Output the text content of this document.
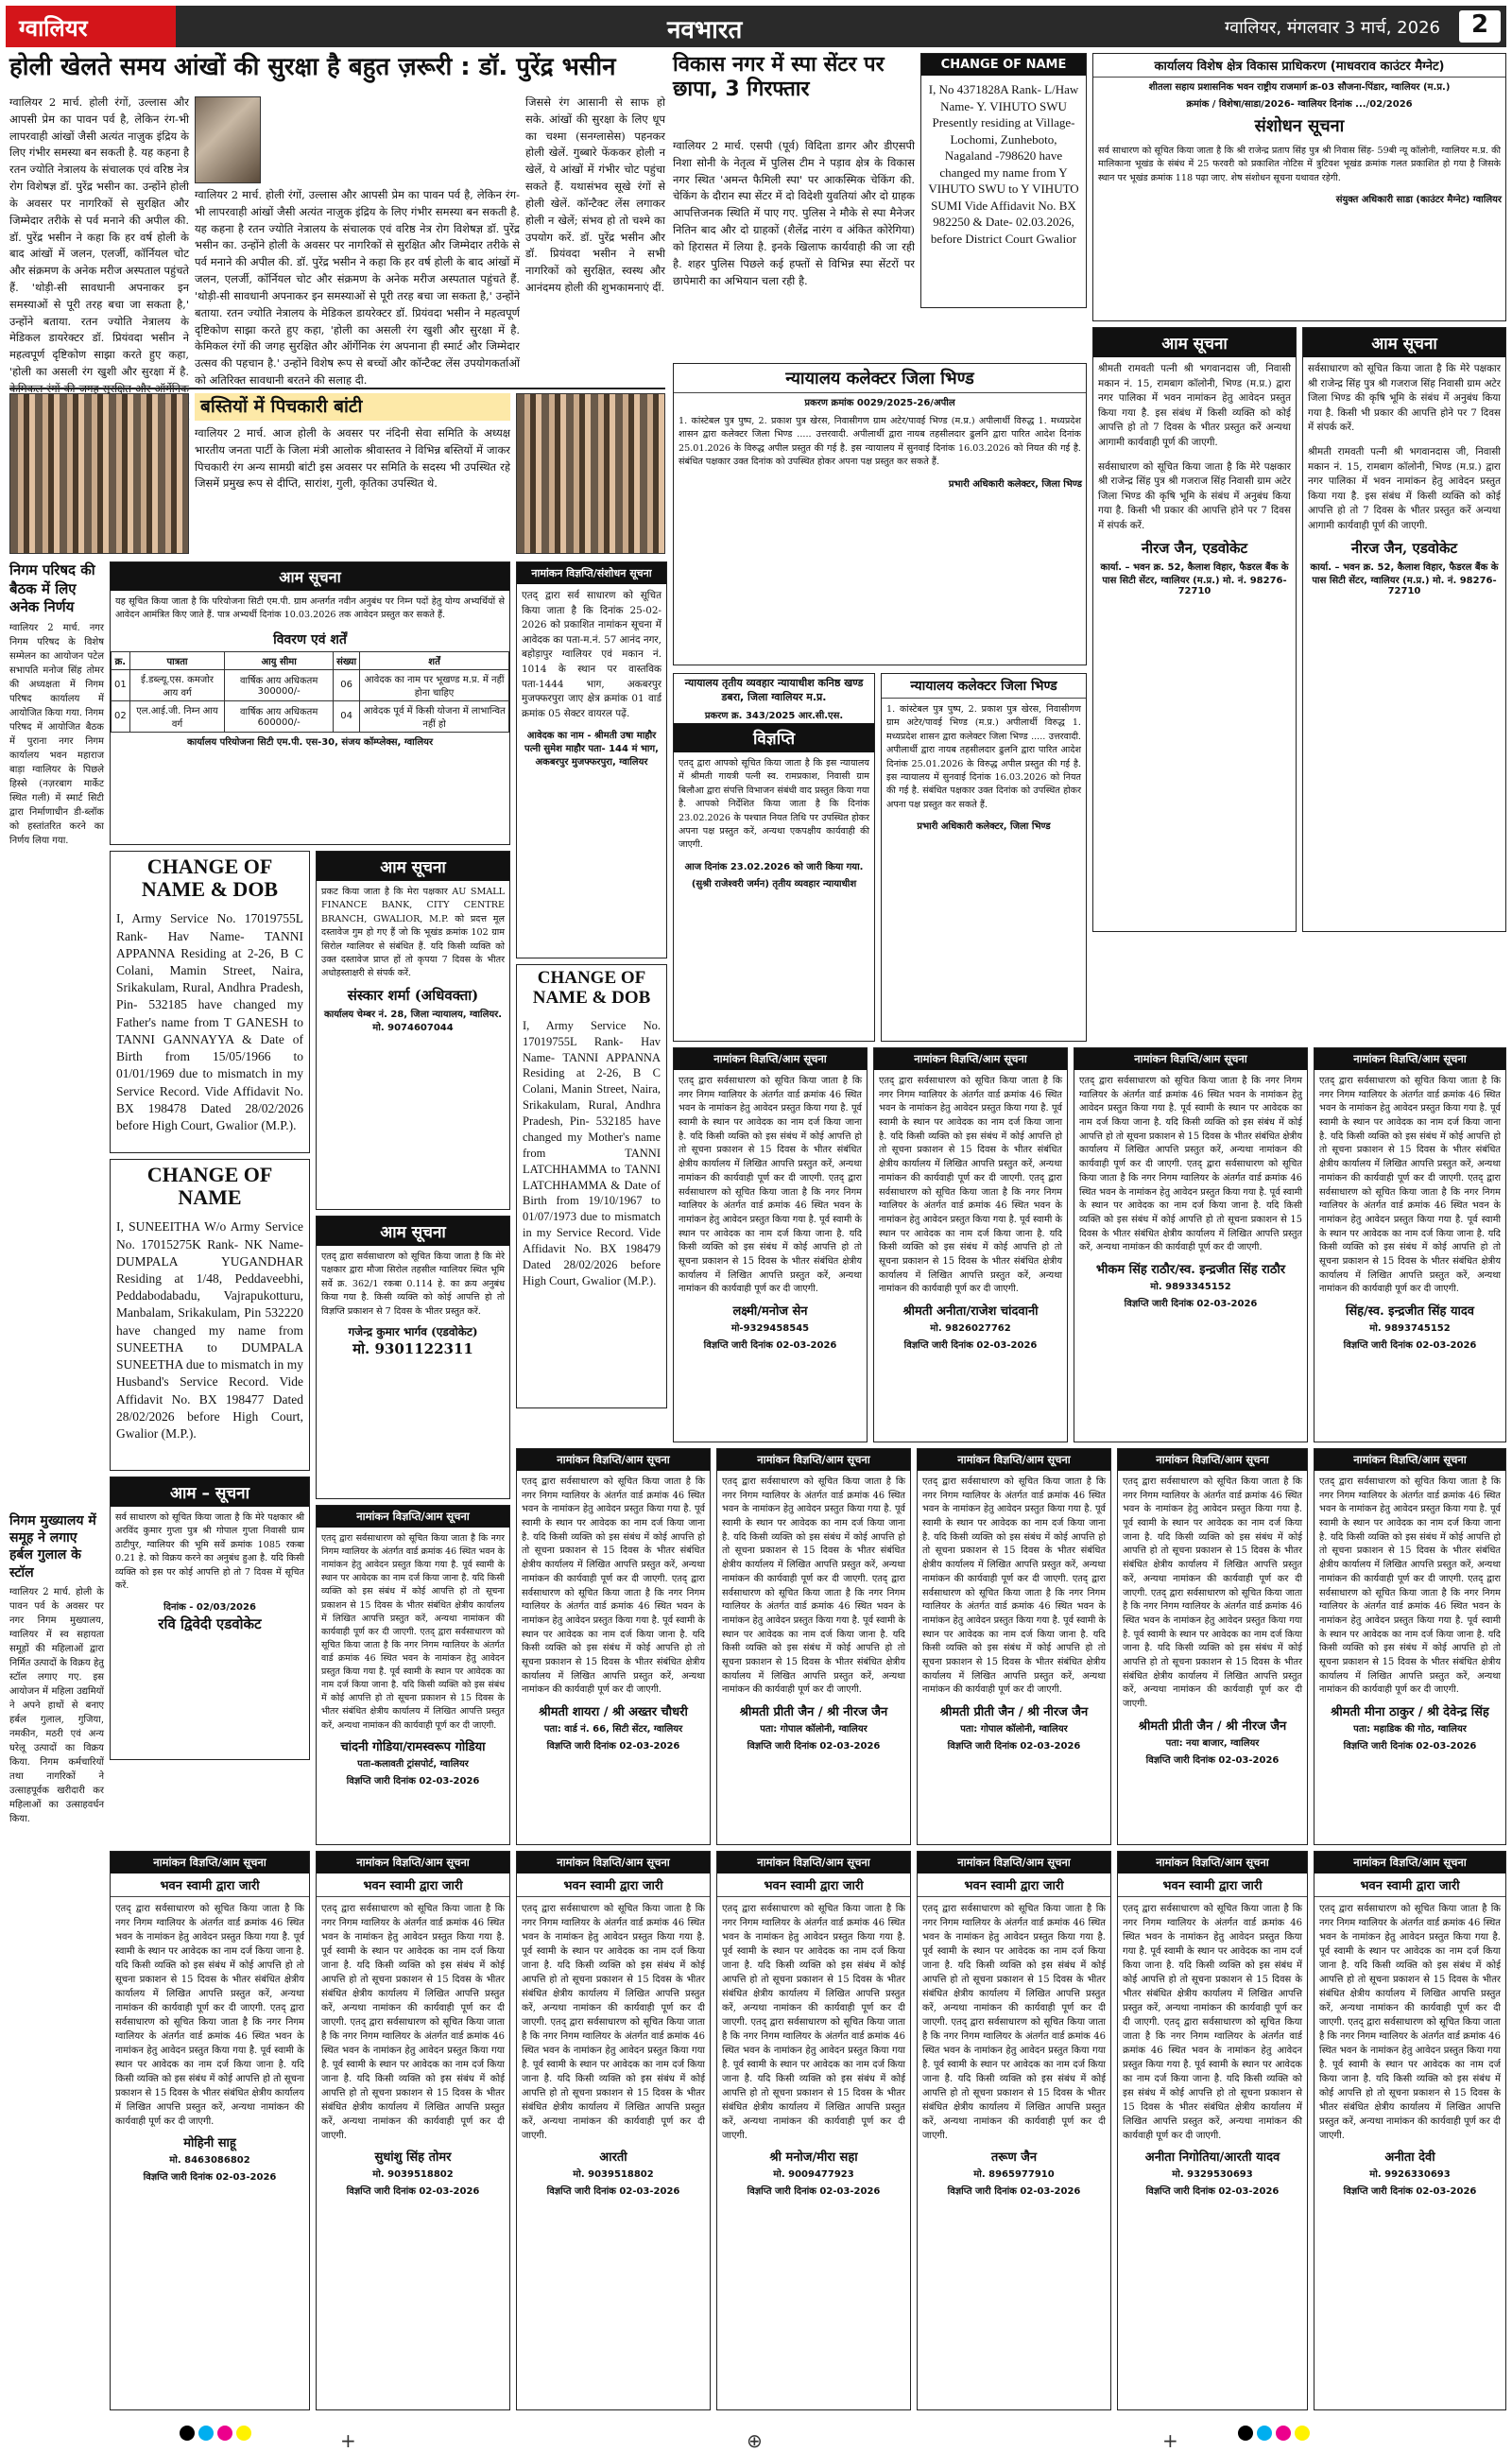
ग्वालियर	नवभारत	ग्वालियर, मंगलवार 3 मार्च, 2026	2
होली खेलते समय आंखों की सुरक्षा है बहुत ज़रूरी : डॉ. पुरेंद्र भसीन
ग्वालियर 2 मार्च. होली रंगों, उल्लास और आपसी प्रेम का पावन पर्व है, लेकिन रंग-भी लापरवाही आंखों जैसी अत्यंत नाज़ुक इंद्रिय के लिए गंभीर समस्या बन सकती है. यह कहना है रतन ज्योति नेत्रालय के संचालक एवं वरिष्ठ नेत्र रोग विशेषज्ञ डॉ. पुरेंद्र भसीन का. उन्होंने होली के अवसर पर नागरिकों से सुरक्षित और जिम्मेदार तरीके से पर्व मनाने की अपील की. डॉ. पुरेंद्र भसीन ने कहा कि हर वर्ष होली के बाद आंखों में जलन, एलर्जी, कॉर्नियल चोट और संक्रमण के अनेक मरीज अस्पताल पहुंचते हैं. 'थोड़ी-सी सावधानी अपनाकर इन समस्याओं से पूरी तरह बचा जा सकता है,' उन्होंने बताया. रतन ज्योति नेत्रालय के मेडिकल डायरेक्टर डॉ. प्रियंवदा भसीन ने महत्वपूर्ण दृष्टिकोण साझा करते हुए कहा, 'होली का असली रंग खुशी और सुरक्षा में है.
ग्वालियर 2 मार्च. होली रंगों, उल्लास और आपसी प्रेम का पावन पर्व है, लेकिन रंग-भी लापरवाही आंखों जैसी अत्यंत नाज़ुक इंद्रिय के लिए गंभीर समस्या बन सकती है. यह कहना है रतन ज्योति नेत्रालय के संचालक एवं वरिष्ठ नेत्र रोग विशेषज्ञ डॉ. पुरेंद्र भसीन का. उन्होंने होली के अवसर पर नागरिकों से सुरक्षित और जिम्मेदार तरीके से पर्व मनाने की अपील की. डॉ. पुरेंद्र भसीन ने कहा कि हर वर्ष होली के बाद आंखों में जलन, एलर्जी, कॉर्नियल चोट और संक्रमण के अनेक मरीज अस्पताल पहुंचते हैं. 'थोड़ी-सी सावधानी अपनाकर इन समस्याओं से पूरी तरह बचा जा सकता है,' उन्होंने बताया. रतन ज्योति नेत्रालय के मेडिकल डायरेक्टर डॉ. प्रियंवदा भसीन ने महत्वपूर्ण दृष्टिकोण साझा करते हुए कहा, 'होली का असली रंग खुशी और सुरक्षा में है. केमिकल रंगों की जगह सुरक्षित और ऑर्गेनिक रंग अपनाना ही स्मार्ट और जिम्मेदार उत्सव की पहचान है.' उन्होंने विशेष रूप से बच्चों और कॉन्टैक्ट लेंस उपयोगकर्ताओं को अतिरिक्त सावधानी बरतने की सलाह दी.
जिससे रंग आसानी से साफ हो सके. आंखों की सुरक्षा के लिए धूप का चश्मा (सनग्लासेस) पहनकर होली खेलें. गुब्बारे फेंककर होली न खेलें, ये आंखों में गंभीर चोट पहुंचा सकते हैं. यथासंभव सूखे रंगों से होली खेलें. कॉन्टैक्ट लेंस लगाकर होली न खेलें; संभव हो तो चश्मे का उपयोग करें. डॉ. पुरेंद्र भसीन और डॉ. प्रियंवदा भसीन ने सभी नागरिकों को सुरक्षित, स्वस्थ और आनंदमय होली की शुभकामनाएं दीं.
बस्तियों में पिचकारी बांटी
ग्वालियर 2 मार्च. आज होली के अवसर पर नंदिनी सेवा समिति के अध्यक्ष भारतीय जनता पार्टी के जिला मंत्री आलोक श्रीवास्तव ने विभिन्न बस्तियों में जाकर पिचकारी रंग अन्य सामग्री बांटी इस अवसर पर समिति के सदस्य भी उपस्थित रहे जिसमें प्रमुख रूप से दीप्ति, सारांश, गुली, कृतिका उपस्थित थे.
विकास नगर में स्पा सेंटर पर छापा, 3 गिरफ्तार
ग्वालियर 2 मार्च. एसपी (पूर्व) विदिता डागर और डीएसपी निशा सोनी के नेतृत्व में पुलिस टीम ने पड़ाव क्षेत्र के विकास नगर स्थित 'अमन्त फैमिली स्पा' पर आकस्मिक चेकिंग की. चेकिंग के दौरान स्पा सेंटर में दो विदेशी युवतियां और दो ग्राहक आपत्तिजनक स्थिति में पाए गए. पुलिस ने मौके से स्पा मैनेजर नितिन बाद और दो ग्राहकों (शैलेंद्र नारंग व अंकित कोरेगिया) को हिरासत में लिया है. इनके खिलाफ कार्यवाही की जा रही है. शहर पुलिस पिछले कई हफ्तों से विभिन्न स्पा सेंटरों पर छापेमारी का अभियान चला रही है.
CHANGE OF NAME
I, No 4371828A Rank- L/Haw Name- Y. VIHUTO SWU Presently residing at Village- Lochomi, Zunheboto, Nagaland -798620 have changed my name from Y VIHUTO SWU to Y VIHUTO SUMI Vide Affidavit No. BX 982250 & Date- 02.03.2026, before District Court Gwalior
कार्यालय विशेष क्षेत्र विकास प्राधिकरण (माधवराव काउंटर मैग्नेट)
शीतला सहाय प्रशासनिक भवन राष्ट्रीय राजमार्ग क्र-03 सौजना-पिंडार, ग्वालियर (म.प्र.)
क्रमांक / विशेषा/साडा/2026- ग्वालियर दिनांक .../02/2026
संशोधन सूचना
सर्व साधारण को सूचित किया जाता है कि श्री राजेन्द्र प्रताप सिंह पुत्र श्री निवास सिंह- 59बी न्यू कॉलोनी, ग्वालियर म.प्र. की मालिकाना भूखंड के संबंध में 25 फरवरी को प्रकाशित नोटिस में त्रुटिवश भूखंड क्रमांक गलत प्रकाशित हो गया है जिसके स्थान पर भूखंड क्रमांक 118 पढ़ा जाए. शेष संशोधन सूचना यथावत रहेगी.
संयुक्त अधिकारी साडा (काउंटर मैग्नेट) ग्वालियर
न्यायालय कलेक्टर जिला भिण्ड
प्रकरण क्रमांक 0029/2025-26/अपील
1. कांस्टेबल पुत्र पुष्प, 2. प्रकाश पुत्र खेरस, निवासीगण ग्राम अटेर/पावई भिण्ड (म.प्र.) अपीलार्थी विरुद्ध 1. मध्यप्रदेश शासन द्वारा कलेक्टर जिला भिण्ड ..... उत्तरवादी. अपीलार्थी द्वारा नायब तहसीलदार ढुलनि द्वारा पारित आदेश दिनांक 25.01.2026 के विरुद्ध अपील प्रस्तुत की गई है. इस न्यायालय में सुनवाई दिनांक 16.03.2026 को नियत की गई है. संबंधित पक्षकार उक्त दिनांक को उपस्थित होकर अपना पक्ष प्रस्तुत कर सकते हैं.
प्रभारी अधिकारी कलेक्टर, जिला भिण्ड
आम सूचना
श्रीमती रामवती पत्नी श्री भगवानदास जी, निवासी मकान नं. 15, रामबाग कॉलोनी, भिण्ड (म.प्र.) द्वारा नगर पालिका में भवन नामांकन हेतु आवेदन प्रस्तुत किया गया है. इस संबंध में किसी व्यक्ति को कोई आपत्ति हो तो 7 दिवस के भीतर प्रस्तुत करें अन्यथा आगामी कार्यवाही पूर्ण की जाएगी.
सर्वसाधारण को सूचित किया जाता है कि मेरे पक्षकार श्री राजेन्द्र सिंह पुत्र श्री गजराज सिंह निवासी ग्राम अटेर जिला भिण्ड की कृषि भूमि के संबंध में अनुबंध किया गया है. किसी भी प्रकार की आपत्ति होने पर 7 दिवस में संपर्क करें.
नीरज जैन, एडवोकेट
कार्या. – भवन क्र. 52, कैलाश विहार, फैडरल बैंक के पास सिटी सेंटर, ग्वालियर (म.प्र.) मो. नं. 98276-72710
आम सूचना
सर्वसाधारण को सूचित किया जाता है कि मेरे पक्षकार श्री राजेन्द्र सिंह पुत्र श्री गजराज सिंह निवासी ग्राम अटेर जिला भिण्ड की कृषि भूमि के संबंध में अनुबंध किया गया है. किसी भी प्रकार की आपत्ति होने पर 7 दिवस में संपर्क करें.
श्रीमती रामवती पत्नी श्री भगवानदास जी, निवासी मकान नं. 15, रामबाग कॉलोनी, भिण्ड (म.प्र.) द्वारा नगर पालिका में भवन नामांकन हेतु आवेदन प्रस्तुत किया गया है. इस संबंध में किसी व्यक्ति को कोई आपत्ति हो तो 7 दिवस के भीतर प्रस्तुत करें अन्यथा आगामी कार्यवाही पूर्ण की जाएगी.
नीरज जैन, एडवोकेट
कार्या. – भवन क्र. 52, कैलाश विहार, फैडरल बैंक के पास सिटी सेंटर, ग्वालियर (म.प्र.) मो. नं. 98276-72710
न्यायालय तृतीय व्यवहार न्यायाधीश कनिष्ठ खण्ड डबरा, जिला ग्वालियर म.प्र.
प्रकरण क्र. 343/2025 आर.सी.एस.
विज्ञप्ति
एतद् द्वारा आपको सूचित किया जाता है कि इस न्यायालय में श्रीमती गायत्री पत्नी स्व. रामप्रकाश, निवासी ग्राम बिलौआ द्वारा संपत्ति विभाजन संबंधी वाद प्रस्तुत किया गया है. आपको निर्देशित किया जाता है कि दिनांक 23.02.2026 के पश्चात नियत तिथि पर उपस्थित होकर अपना पक्ष प्रस्तुत करें, अन्यथा एकपक्षीय कार्यवाही की जाएगी.
आज दिनांक 23.02.2026 को जारी किया गया.
(सुश्री राजेश्वरी जर्मन) तृतीय व्यवहार न्यायाधीश
न्यायालय कलेक्टर जिला भिण्ड
1. कांस्टेबल पुत्र पुष्प, 2. प्रकाश पुत्र खेरस, निवासीगण ग्राम अटेर/पावई भिण्ड (म.प्र.) अपीलार्थी विरुद्ध 1. मध्यप्रदेश शासन द्वारा कलेक्टर जिला भिण्ड ..... उत्तरवादी. अपीलार्थी द्वारा नायब तहसीलदार ढुलनि द्वारा पारित आदेश दिनांक 25.01.2026 के विरुद्ध अपील प्रस्तुत की गई है. इस न्यायालय में सुनवाई दिनांक 16.03.2026 को नियत की गई है. संबंधित पक्षकार उक्त दिनांक को उपस्थित होकर अपना पक्ष प्रस्तुत कर सकते हैं.
प्रभारी अधिकारी कलेक्टर, जिला भिण्ड
नामांकन विज्ञप्ति/संशोधन सूचना
एतद् द्वारा सर्व साधारण को सूचित किया जाता है कि दिनांक 25-02-2026 को प्रकाशित नामांकन सूचना में आवेदक का पता-म.नं. 57 आनंद नगर, बहोड़ापुर ग्वालियर एवं मकान नं. 1014 के स्थान पर वास्तविक पता-1444 भाग, अकबरपुर मुजफ्फरपुरा जाए क्षेत्र क्रमांक 01 वार्ड क्रमांक 05 सेक्टर वायरल पढ़ें.
आवेदक का नाम - श्रीमती उषा माहौर पत्नी सुमेश माहौर पता- 144 मं भाग, अकबरपुर मुजफ्फरपुरा, ग्वालियर
निगम परिषद की बैठक में लिए अनेक निर्णय
ग्वालियर 2 मार्च. नगर निगम परिषद के विशेष सम्मेलन का आयोजन पटेल सभापति मनोज सिंह तोमर की अध्यक्षता में निगम परिषद कार्यालय में आयोजित किया गया. निगम परिषद में आयोजित बैठक में पुराना नगर निगम कार्यालय भवन महाराज बाड़ा ग्वालियर के पिछले हिस्से (नज़रबाग मार्केट स्थित गली) में स्मार्ट सिटी द्वारा निर्माणाधीन डी-ब्लॉक को हस्तांतरित करने का निर्णय लिया गया.
आम सूचना
यह सूचित किया जाता है कि परियोजना सिटी एम.पी. ग्राम अन्तर्गत नवीन अनुबंध पर निम्न पदों हेतु योग्य अभ्यर्थियों से आवेदन आमंत्रित किए जाते हैं. पात्र अभ्यर्थी दिनांक 10.03.2026 तक आवेदन प्रस्तुत कर सकते हैं.
विवरण एवं शर्तें
क्र.	पात्रता	आयु सीमा	संख्या	शर्तें
01	ई.डब्ल्यू.एस. कमजोर आय वर्ग	वार्षिक आय अधिकतम 300000/-	06	आवेदक का नाम पर भूखण्ड म.प्र. में नहीं होना चाहिए
02	एल.आई.जी. निम्न आय वर्ग	वार्षिक आय अधिकतम 600000/-	04	आवेदक पूर्व में किसी योजना में लाभान्वित नहीं हो
कार्यालय परियोजना सिटी एम.पी. एस-30, संजय कॉम्प्लेक्स, ग्वालियर
CHANGE OF NAME & DOB
I, Army Service No. 17019755L Rank- Hav Name- TANNI APPANNA Residing at 2-26, B C Colani, Mamin Street, Naira, Srikakulam, Rural, Andhra Pradesh, Pin- 532185 have changed my Father's name from T GANESH to TANNI GANNAYYA & Date of Birth from 15/05/1966 to 01/01/1969 due to mismatch in my Service Record. Vide Affidavit No. BX 198478 Dated 28/02/2026 before High Court, Gwalior (M.P.).
CHANGE OF NAME
I, SUNEEITHA W/o Army Service No. 17015275K Rank- NK Name- DUMPALA YUGANDHAR Residing at 1/48, Peddaveebhi, Peddabodabadu, Vajrapukotturu, Manbalam, Srikakulam, Pin 532220 have changed my name from SUNEETHA to DUMPALA SUNEETHA due to mismatch in my Husband's Service Record. Vide Affidavit No. BX 198477 Dated 28/02/2026 before High Court, Gwalior (M.P.).
CHANGE OF NAME & DOB
I, Army Service No. 17019755L Rank- Hav Name- TANNI APPANNA Residing at 2-26, B C Colani, Manin Street, Naira, Srikakulam, Rural, Andhra Pradesh, Pin- 532185 have changed my Mother's name from TANNI LATCHHAMMA to TANNI LATCHHAMMA & Date of Birth from 19/10/1967 to 01/07/1973 due to mismatch in my Service Record. Vide Affidavit No. BX 198479 Dated 28/02/2026 before High Court, Gwalior (M.P.).
आम सूचना
प्रकट किया जाता है कि मेरा पक्षकार AU SMALL FINANCE BANK, CITY CENTRE BRANCH, GWALIOR, M.P. को प्रदत्त मूल दस्तावेज गुम हो गए हैं जो कि भूखंड क्रमांक 102 ग्राम सिरोल ग्वालियर से संबंधित हैं. यदि किसी व्यक्ति को उक्त दस्तावेज प्राप्त हों तो कृपया 7 दिवस के भीतर अधोहस्ताक्षरी से संपर्क करें.
संस्कार शर्मा (अधिवक्ता)
कार्यालय चेम्बर नं. 28, जिला न्यायालय, ग्वालियर. मो. 9074607044
आम सूचना
एतद् द्वारा सर्वसाधारण को सूचित किया जाता है कि मेरे पक्षकार द्वारा मौजा सिरोल तहसील ग्वालियर स्थित भूमि सर्वे क्र. 362/1 रकबा 0.114 हे. का क्रय अनुबंध किया गया है. किसी व्यक्ति को कोई आपत्ति हो तो विज्ञप्ति प्रकाशन से 7 दिवस के भीतर प्रस्तुत करें.
गजेन्द्र कुमार भार्गव (एडवोकेट)
मो. 9301122311
आम – सूचना
सर्व साधारण को सूचित किया जाता है कि मेरे पक्षकार श्री अरविंद कुमार गुप्ता पुत्र श्री गोपाल गुप्ता निवासी ग्राम ठाटीपुर, ग्वालियर की भूमि सर्वे क्रमांक 1085 रकबा 0.21 हे. को विक्रय करने का अनुबंध हुआ है. यदि किसी व्यक्ति को इस पर कोई आपत्ति हो तो 7 दिवस में सूचित करें.
दिनांक - 02/03/2026
रवि द्विवेदी एडवोकेट
निगम मुख्यालय में समूह ने लगाए हर्बल गुलाल के स्टॉल
ग्वालियर 2 मार्च. होली के पावन पर्व के अवसर पर नगर निगम मुख्यालय, ग्वालियर में स्व सहायता समूहों की महिलाओं द्वारा निर्मित उत्पादों के विक्रय हेतु स्टॉल लगाए गए. इस आयोजन में महिला उद्यमियों ने अपने हाथों से बनाए हर्बल गुलाल, गुजिया, नमकीन, मठरी एवं अन्य घरेलू उत्पादों का विक्रय किया. निगम कर्मचारियों तथा नागरिकों ने उत्साहपूर्वक खरीदारी कर महिलाओं का उत्साहवर्धन किया.
नामांकन विज्ञप्ति/आम सूचना
एतद् द्वारा सर्वसाधारण को सूचित किया जाता है कि नगर निगम ग्वालियर के अंतर्गत वार्ड क्रमांक 46 स्थित भवन के नामांकन हेतु आवेदन प्रस्तुत किया गया है. पूर्व स्वामी के स्थान पर आवेदक का नाम दर्ज किया जाना है. यदि किसी व्यक्ति को इस संबंध में कोई आपत्ति हो तो सूचना प्रकाशन से 15 दिवस के भीतर संबंधित क्षेत्रीय कार्यालय में लिखित आपत्ति प्रस्तुत करें, अन्यथा नामांकन की कार्यवाही पूर्ण कर दी जाएगी. एतद् द्वारा सर्वसाधारण को सूचित किया जाता है कि नगर निगम ग्वालियर के अंतर्गत वार्ड क्रमांक 46 स्थित भवन के नामांकन हेतु आवेदन प्रस्तुत किया गया है. पूर्व स्वामी के स्थान पर आवेदक का नाम दर्ज किया जाना है. यदि किसी व्यक्ति को इस संबंध में कोई आपत्ति हो तो सूचना प्रकाशन से 15 दिवस के भीतर संबंधित क्षेत्रीय कार्यालय में लिखित आपत्ति प्रस्तुत करें, अन्यथा नामांकन की कार्यवाही पूर्ण कर दी जाएगी.
लक्ष्मी/मनोज सेन
मो-9329458545
विज्ञप्ति जारी दिनांक 02-03-2026
नामांकन विज्ञप्ति/आम सूचना
एतद् द्वारा सर्वसाधारण को सूचित किया जाता है कि नगर निगम ग्वालियर के अंतर्गत वार्ड क्रमांक 46 स्थित भवन के नामांकन हेतु आवेदन प्रस्तुत किया गया है. पूर्व स्वामी के स्थान पर आवेदक का नाम दर्ज किया जाना है. यदि किसी व्यक्ति को इस संबंध में कोई आपत्ति हो तो सूचना प्रकाशन से 15 दिवस के भीतर संबंधित क्षेत्रीय कार्यालय में लिखित आपत्ति प्रस्तुत करें, अन्यथा नामांकन की कार्यवाही पूर्ण कर दी जाएगी. एतद् द्वारा सर्वसाधारण को सूचित किया जाता है कि नगर निगम ग्वालियर के अंतर्गत वार्ड क्रमांक 46 स्थित भवन के नामांकन हेतु आवेदन प्रस्तुत किया गया है. पूर्व स्वामी के स्थान पर आवेदक का नाम दर्ज किया जाना है. यदि किसी व्यक्ति को इस संबंध में कोई आपत्ति हो तो सूचना प्रकाशन से 15 दिवस के भीतर संबंधित क्षेत्रीय कार्यालय में लिखित आपत्ति प्रस्तुत करें, अन्यथा नामांकन की कार्यवाही पूर्ण कर दी जाएगी.
श्रीमती अनीता/राजेश चांदवानी
मो. 9826027762
विज्ञप्ति जारी दिनांक 02-03-2026
नामांकन विज्ञप्ति/आम सूचना
एतद् द्वारा सर्वसाधारण को सूचित किया जाता है कि नगर निगम ग्वालियर के अंतर्गत वार्ड क्रमांक 46 स्थित भवन के नामांकन हेतु आवेदन प्रस्तुत किया गया है. पूर्व स्वामी के स्थान पर आवेदक का नाम दर्ज किया जाना है. यदि किसी व्यक्ति को इस संबंध में कोई आपत्ति हो तो सूचना प्रकाशन से 15 दिवस के भीतर संबंधित क्षेत्रीय कार्यालय में लिखित आपत्ति प्रस्तुत करें, अन्यथा नामांकन की कार्यवाही पूर्ण कर दी जाएगी. एतद् द्वारा सर्वसाधारण को सूचित किया जाता है कि नगर निगम ग्वालियर के अंतर्गत वार्ड क्रमांक 46 स्थित भवन के नामांकन हेतु आवेदन प्रस्तुत किया गया है. पूर्व स्वामी के स्थान पर आवेदक का नाम दर्ज किया जाना है. यदि किसी व्यक्ति को इस संबंध में कोई आपत्ति हो तो सूचना प्रकाशन से 15 दिवस के भीतर संबंधित क्षेत्रीय कार्यालय में लिखित आपत्ति प्रस्तुत करें, अन्यथा नामांकन की कार्यवाही पूर्ण कर दी जाएगी.
भीकम सिंह राठौर/स्व. इन्द्रजीत सिंह राठौर
मो. 9893345152
विज्ञप्ति जारी दिनांक 02-03-2026
नामांकन विज्ञप्ति/आम सूचना
एतद् द्वारा सर्वसाधारण को सूचित किया जाता है कि नगर निगम ग्वालियर के अंतर्गत वार्ड क्रमांक 46 स्थित भवन के नामांकन हेतु आवेदन प्रस्तुत किया गया है. पूर्व स्वामी के स्थान पर आवेदक का नाम दर्ज किया जाना है. यदि किसी व्यक्ति को इस संबंध में कोई आपत्ति हो तो सूचना प्रकाशन से 15 दिवस के भीतर संबंधित क्षेत्रीय कार्यालय में लिखित आपत्ति प्रस्तुत करें, अन्यथा नामांकन की कार्यवाही पूर्ण कर दी जाएगी. एतद् द्वारा सर्वसाधारण को सूचित किया जाता है कि नगर निगम ग्वालियर के अंतर्गत वार्ड क्रमांक 46 स्थित भवन के नामांकन हेतु आवेदन प्रस्तुत किया गया है. पूर्व स्वामी के स्थान पर आवेदक का नाम दर्ज किया जाना है. यदि किसी व्यक्ति को इस संबंध में कोई आपत्ति हो तो सूचना प्रकाशन से 15 दिवस के भीतर संबंधित क्षेत्रीय कार्यालय में लिखित आपत्ति प्रस्तुत करें, अन्यथा नामांकन की कार्यवाही पूर्ण कर दी जाएगी.
सिंह/स्व. इन्द्रजीत सिंह यादव
मो. 9893745152
विज्ञप्ति जारी दिनांक 02-03-2026
नामांकन विज्ञप्ति/आम सूचना
एतद् द्वारा सर्वसाधारण को सूचित किया जाता है कि नगर निगम ग्वालियर के अंतर्गत वार्ड क्रमांक 46 स्थित भवन के नामांकन हेतु आवेदन प्रस्तुत किया गया है. पूर्व स्वामी के स्थान पर आवेदक का नाम दर्ज किया जाना है. यदि किसी व्यक्ति को इस संबंध में कोई आपत्ति हो तो सूचना प्रकाशन से 15 दिवस के भीतर संबंधित क्षेत्रीय कार्यालय में लिखित आपत्ति प्रस्तुत करें, अन्यथा नामांकन की कार्यवाही पूर्ण कर दी जाएगी. एतद् द्वारा सर्वसाधारण को सूचित किया जाता है कि नगर निगम ग्वालियर के अंतर्गत वार्ड क्रमांक 46 स्थित भवन के नामांकन हेतु आवेदन प्रस्तुत किया गया है. पूर्व स्वामी के स्थान पर आवेदक का नाम दर्ज किया जाना है. यदि किसी व्यक्ति को इस संबंध में कोई आपत्ति हो तो सूचना प्रकाशन से 15 दिवस के भीतर संबंधित क्षेत्रीय कार्यालय में लिखित आपत्ति प्रस्तुत करें, अन्यथा नामांकन की कार्यवाही पूर्ण कर दी जाएगी.
चांदनी गोडिया/रामस्वरूप गोडिया
पता-कलावती ट्रांसपोर्ट, ग्वालियर
विज्ञप्ति जारी दिनांक 02-03-2026
नामांकन विज्ञप्ति/आम सूचना
एतद् द्वारा सर्वसाधारण को सूचित किया जाता है कि नगर निगम ग्वालियर के अंतर्गत वार्ड क्रमांक 46 स्थित भवन के नामांकन हेतु आवेदन प्रस्तुत किया गया है. पूर्व स्वामी के स्थान पर आवेदक का नाम दर्ज किया जाना है. यदि किसी व्यक्ति को इस संबंध में कोई आपत्ति हो तो सूचना प्रकाशन से 15 दिवस के भीतर संबंधित क्षेत्रीय कार्यालय में लिखित आपत्ति प्रस्तुत करें, अन्यथा नामांकन की कार्यवाही पूर्ण कर दी जाएगी. एतद् द्वारा सर्वसाधारण को सूचित किया जाता है कि नगर निगम ग्वालियर के अंतर्गत वार्ड क्रमांक 46 स्थित भवन के नामांकन हेतु आवेदन प्रस्तुत किया गया है. पूर्व स्वामी के स्थान पर आवेदक का नाम दर्ज किया जाना है. यदि किसी व्यक्ति को इस संबंध में कोई आपत्ति हो तो सूचना प्रकाशन से 15 दिवस के भीतर संबंधित क्षेत्रीय कार्यालय में लिखित आपत्ति प्रस्तुत करें, अन्यथा नामांकन की कार्यवाही पूर्ण कर दी जाएगी.
श्रीमती शायरा / श्री अख्तर चौधरी
पता: वार्ड नं. 66, सिटी सेंटर, ग्वालियर
विज्ञप्ति जारी दिनांक 02-03-2026
नामांकन विज्ञप्ति/आम सूचना
एतद् द्वारा सर्वसाधारण को सूचित किया जाता है कि नगर निगम ग्वालियर के अंतर्गत वार्ड क्रमांक 46 स्थित भवन के नामांकन हेतु आवेदन प्रस्तुत किया गया है. पूर्व स्वामी के स्थान पर आवेदक का नाम दर्ज किया जाना है. यदि किसी व्यक्ति को इस संबंध में कोई आपत्ति हो तो सूचना प्रकाशन से 15 दिवस के भीतर संबंधित क्षेत्रीय कार्यालय में लिखित आपत्ति प्रस्तुत करें, अन्यथा नामांकन की कार्यवाही पूर्ण कर दी जाएगी. एतद् द्वारा सर्वसाधारण को सूचित किया जाता है कि नगर निगम ग्वालियर के अंतर्गत वार्ड क्रमांक 46 स्थित भवन के नामांकन हेतु आवेदन प्रस्तुत किया गया है. पूर्व स्वामी के स्थान पर आवेदक का नाम दर्ज किया जाना है. यदि किसी व्यक्ति को इस संबंध में कोई आपत्ति हो तो सूचना प्रकाशन से 15 दिवस के भीतर संबंधित क्षेत्रीय कार्यालय में लिखित आपत्ति प्रस्तुत करें, अन्यथा नामांकन की कार्यवाही पूर्ण कर दी जाएगी.
श्रीमती प्रीती जैन / श्री नीरज जैन
पता: गोपाल कॉलोनी, ग्वालियर
विज्ञप्ति जारी दिनांक 02-03-2026
नामांकन विज्ञप्ति/आम सूचना
एतद् द्वारा सर्वसाधारण को सूचित किया जाता है कि नगर निगम ग्वालियर के अंतर्गत वार्ड क्रमांक 46 स्थित भवन के नामांकन हेतु आवेदन प्रस्तुत किया गया है. पूर्व स्वामी के स्थान पर आवेदक का नाम दर्ज किया जाना है. यदि किसी व्यक्ति को इस संबंध में कोई आपत्ति हो तो सूचना प्रकाशन से 15 दिवस के भीतर संबंधित क्षेत्रीय कार्यालय में लिखित आपत्ति प्रस्तुत करें, अन्यथा नामांकन की कार्यवाही पूर्ण कर दी जाएगी. एतद् द्वारा सर्वसाधारण को सूचित किया जाता है कि नगर निगम ग्वालियर के अंतर्गत वार्ड क्रमांक 46 स्थित भवन के नामांकन हेतु आवेदन प्रस्तुत किया गया है. पूर्व स्वामी के स्थान पर आवेदक का नाम दर्ज किया जाना है. यदि किसी व्यक्ति को इस संबंध में कोई आपत्ति हो तो सूचना प्रकाशन से 15 दिवस के भीतर संबंधित क्षेत्रीय कार्यालय में लिखित आपत्ति प्रस्तुत करें, अन्यथा नामांकन की कार्यवाही पूर्ण कर दी जाएगी.
श्रीमती प्रीती जैन / श्री नीरज जैन
पता: गोपाल कॉलोनी, ग्वालियर
विज्ञप्ति जारी दिनांक 02-03-2026
नामांकन विज्ञप्ति/आम सूचना
एतद् द्वारा सर्वसाधारण को सूचित किया जाता है कि नगर निगम ग्वालियर के अंतर्गत वार्ड क्रमांक 46 स्थित भवन के नामांकन हेतु आवेदन प्रस्तुत किया गया है. पूर्व स्वामी के स्थान पर आवेदक का नाम दर्ज किया जाना है. यदि किसी व्यक्ति को इस संबंध में कोई आपत्ति हो तो सूचना प्रकाशन से 15 दिवस के भीतर संबंधित क्षेत्रीय कार्यालय में लिखित आपत्ति प्रस्तुत करें, अन्यथा नामांकन की कार्यवाही पूर्ण कर दी जाएगी. एतद् द्वारा सर्वसाधारण को सूचित किया जाता है कि नगर निगम ग्वालियर के अंतर्गत वार्ड क्रमांक 46 स्थित भवन के नामांकन हेतु आवेदन प्रस्तुत किया गया है. पूर्व स्वामी के स्थान पर आवेदक का नाम दर्ज किया जाना है. यदि किसी व्यक्ति को इस संबंध में कोई आपत्ति हो तो सूचना प्रकाशन से 15 दिवस के भीतर संबंधित क्षेत्रीय कार्यालय में लिखित आपत्ति प्रस्तुत करें, अन्यथा नामांकन की कार्यवाही पूर्ण कर दी जाएगी.
श्रीमती प्रीती जैन / श्री नीरज जैन
पता: नया बाजार, ग्वालियर
विज्ञप्ति जारी दिनांक 02-03-2026
नामांकन विज्ञप्ति/आम सूचना
एतद् द्वारा सर्वसाधारण को सूचित किया जाता है कि नगर निगम ग्वालियर के अंतर्गत वार्ड क्रमांक 46 स्थित भवन के नामांकन हेतु आवेदन प्रस्तुत किया गया है. पूर्व स्वामी के स्थान पर आवेदक का नाम दर्ज किया जाना है. यदि किसी व्यक्ति को इस संबंध में कोई आपत्ति हो तो सूचना प्रकाशन से 15 दिवस के भीतर संबंधित क्षेत्रीय कार्यालय में लिखित आपत्ति प्रस्तुत करें, अन्यथा नामांकन की कार्यवाही पूर्ण कर दी जाएगी. एतद् द्वारा सर्वसाधारण को सूचित किया जाता है कि नगर निगम ग्वालियर के अंतर्गत वार्ड क्रमांक 46 स्थित भवन के नामांकन हेतु आवेदन प्रस्तुत किया गया है. पूर्व स्वामी के स्थान पर आवेदक का नाम दर्ज किया जाना है. यदि किसी व्यक्ति को इस संबंध में कोई आपत्ति हो तो सूचना प्रकाशन से 15 दिवस के भीतर संबंधित क्षेत्रीय कार्यालय में लिखित आपत्ति प्रस्तुत करें, अन्यथा नामांकन की कार्यवाही पूर्ण कर दी जाएगी.
श्रीमती मीना ठाकुर / श्री देवेन्द्र सिंह
पता: महाडिक की गोठ, ग्वालियर
विज्ञप्ति जारी दिनांक 02-03-2026
नामांकन विज्ञप्ति/आम सूचना
भवन स्वामी द्वारा जारी
एतद् द्वारा सर्वसाधारण को सूचित किया जाता है कि नगर निगम ग्वालियर के अंतर्गत वार्ड क्रमांक 46 स्थित भवन के नामांकन हेतु आवेदन प्रस्तुत किया गया है. पूर्व स्वामी के स्थान पर आवेदक का नाम दर्ज किया जाना है. यदि किसी व्यक्ति को इस संबंध में कोई आपत्ति हो तो सूचना प्रकाशन से 15 दिवस के भीतर संबंधित क्षेत्रीय कार्यालय में लिखित आपत्ति प्रस्तुत करें, अन्यथा नामांकन की कार्यवाही पूर्ण कर दी जाएगी. एतद् द्वारा सर्वसाधारण को सूचित किया जाता है कि नगर निगम ग्वालियर के अंतर्गत वार्ड क्रमांक 46 स्थित भवन के नामांकन हेतु आवेदन प्रस्तुत किया गया है. पूर्व स्वामी के स्थान पर आवेदक का नाम दर्ज किया जाना है. यदि किसी व्यक्ति को इस संबंध में कोई आपत्ति हो तो सूचना प्रकाशन से 15 दिवस के भीतर संबंधित क्षेत्रीय कार्यालय में लिखित आपत्ति प्रस्तुत करें, अन्यथा नामांकन की कार्यवाही पूर्ण कर दी जाएगी.
मोहिनी साहू
मो. 8463086802
विज्ञप्ति जारी दिनांक 02-03-2026
नामांकन विज्ञप्ति/आम सूचना
भवन स्वामी द्वारा जारी
एतद् द्वारा सर्वसाधारण को सूचित किया जाता है कि नगर निगम ग्वालियर के अंतर्गत वार्ड क्रमांक 46 स्थित भवन के नामांकन हेतु आवेदन प्रस्तुत किया गया है. पूर्व स्वामी के स्थान पर आवेदक का नाम दर्ज किया जाना है. यदि किसी व्यक्ति को इस संबंध में कोई आपत्ति हो तो सूचना प्रकाशन से 15 दिवस के भीतर संबंधित क्षेत्रीय कार्यालय में लिखित आपत्ति प्रस्तुत करें, अन्यथा नामांकन की कार्यवाही पूर्ण कर दी जाएगी. एतद् द्वारा सर्वसाधारण को सूचित किया जाता है कि नगर निगम ग्वालियर के अंतर्गत वार्ड क्रमांक 46 स्थित भवन के नामांकन हेतु आवेदन प्रस्तुत किया गया है. पूर्व स्वामी के स्थान पर आवेदक का नाम दर्ज किया जाना है. यदि किसी व्यक्ति को इस संबंध में कोई आपत्ति हो तो सूचना प्रकाशन से 15 दिवस के भीतर संबंधित क्षेत्रीय कार्यालय में लिखित आपत्ति प्रस्तुत करें, अन्यथा नामांकन की कार्यवाही पूर्ण कर दी जाएगी.
सुधांशु सिंह तोमर
मो. 9039518802
विज्ञप्ति जारी दिनांक 02-03-2026
नामांकन विज्ञप्ति/आम सूचना
भवन स्वामी द्वारा जारी
एतद् द्वारा सर्वसाधारण को सूचित किया जाता है कि नगर निगम ग्वालियर के अंतर्गत वार्ड क्रमांक 46 स्थित भवन के नामांकन हेतु आवेदन प्रस्तुत किया गया है. पूर्व स्वामी के स्थान पर आवेदक का नाम दर्ज किया जाना है. यदि किसी व्यक्ति को इस संबंध में कोई आपत्ति हो तो सूचना प्रकाशन से 15 दिवस के भीतर संबंधित क्षेत्रीय कार्यालय में लिखित आपत्ति प्रस्तुत करें, अन्यथा नामांकन की कार्यवाही पूर्ण कर दी जाएगी. एतद् द्वारा सर्वसाधारण को सूचित किया जाता है कि नगर निगम ग्वालियर के अंतर्गत वार्ड क्रमांक 46 स्थित भवन के नामांकन हेतु आवेदन प्रस्तुत किया गया है. पूर्व स्वामी के स्थान पर आवेदक का नाम दर्ज किया जाना है. यदि किसी व्यक्ति को इस संबंध में कोई आपत्ति हो तो सूचना प्रकाशन से 15 दिवस के भीतर संबंधित क्षेत्रीय कार्यालय में लिखित आपत्ति प्रस्तुत करें, अन्यथा नामांकन की कार्यवाही पूर्ण कर दी जाएगी.
आरती
मो. 9039518802
विज्ञप्ति जारी दिनांक 02-03-2026
नामांकन विज्ञप्ति/आम सूचना
भवन स्वामी द्वारा जारी
एतद् द्वारा सर्वसाधारण को सूचित किया जाता है कि नगर निगम ग्वालियर के अंतर्गत वार्ड क्रमांक 46 स्थित भवन के नामांकन हेतु आवेदन प्रस्तुत किया गया है. पूर्व स्वामी के स्थान पर आवेदक का नाम दर्ज किया जाना है. यदि किसी व्यक्ति को इस संबंध में कोई आपत्ति हो तो सूचना प्रकाशन से 15 दिवस के भीतर संबंधित क्षेत्रीय कार्यालय में लिखित आपत्ति प्रस्तुत करें, अन्यथा नामांकन की कार्यवाही पूर्ण कर दी जाएगी. एतद् द्वारा सर्वसाधारण को सूचित किया जाता है कि नगर निगम ग्वालियर के अंतर्गत वार्ड क्रमांक 46 स्थित भवन के नामांकन हेतु आवेदन प्रस्तुत किया गया है. पूर्व स्वामी के स्थान पर आवेदक का नाम दर्ज किया जाना है. यदि किसी व्यक्ति को इस संबंध में कोई आपत्ति हो तो सूचना प्रकाशन से 15 दिवस के भीतर संबंधित क्षेत्रीय कार्यालय में लिखित आपत्ति प्रस्तुत करें, अन्यथा नामांकन की कार्यवाही पूर्ण कर दी जाएगी.
श्री मनोज/मीरा सहा
मो. 9009477923
विज्ञप्ति जारी दिनांक 02-03-2026
नामांकन विज्ञप्ति/आम सूचना
भवन स्वामी द्वारा जारी
एतद् द्वारा सर्वसाधारण को सूचित किया जाता है कि नगर निगम ग्वालियर के अंतर्गत वार्ड क्रमांक 46 स्थित भवन के नामांकन हेतु आवेदन प्रस्तुत किया गया है. पूर्व स्वामी के स्थान पर आवेदक का नाम दर्ज किया जाना है. यदि किसी व्यक्ति को इस संबंध में कोई आपत्ति हो तो सूचना प्रकाशन से 15 दिवस के भीतर संबंधित क्षेत्रीय कार्यालय में लिखित आपत्ति प्रस्तुत करें, अन्यथा नामांकन की कार्यवाही पूर्ण कर दी जाएगी. एतद् द्वारा सर्वसाधारण को सूचित किया जाता है कि नगर निगम ग्वालियर के अंतर्गत वार्ड क्रमांक 46 स्थित भवन के नामांकन हेतु आवेदन प्रस्तुत किया गया है. पूर्व स्वामी के स्थान पर आवेदक का नाम दर्ज किया जाना है. यदि किसी व्यक्ति को इस संबंध में कोई आपत्ति हो तो सूचना प्रकाशन से 15 दिवस के भीतर संबंधित क्षेत्रीय कार्यालय में लिखित आपत्ति प्रस्तुत करें, अन्यथा नामांकन की कार्यवाही पूर्ण कर दी जाएगी.
तरूण जैन
मो. 8965977910
विज्ञप्ति जारी दिनांक 02-03-2026
नामांकन विज्ञप्ति/आम सूचना
भवन स्वामी द्वारा जारी
एतद् द्वारा सर्वसाधारण को सूचित किया जाता है कि नगर निगम ग्वालियर के अंतर्गत वार्ड क्रमांक 46 स्थित भवन के नामांकन हेतु आवेदन प्रस्तुत किया गया है. पूर्व स्वामी के स्थान पर आवेदक का नाम दर्ज किया जाना है. यदि किसी व्यक्ति को इस संबंध में कोई आपत्ति हो तो सूचना प्रकाशन से 15 दिवस के भीतर संबंधित क्षेत्रीय कार्यालय में लिखित आपत्ति प्रस्तुत करें, अन्यथा नामांकन की कार्यवाही पूर्ण कर दी जाएगी. एतद् द्वारा सर्वसाधारण को सूचित किया जाता है कि नगर निगम ग्वालियर के अंतर्गत वार्ड क्रमांक 46 स्थित भवन के नामांकन हेतु आवेदन प्रस्तुत किया गया है. पूर्व स्वामी के स्थान पर आवेदक का नाम दर्ज किया जाना है. यदि किसी व्यक्ति को इस संबंध में कोई आपत्ति हो तो सूचना प्रकाशन से 15 दिवस के भीतर संबंधित क्षेत्रीय कार्यालय में लिखित आपत्ति प्रस्तुत करें, अन्यथा नामांकन की कार्यवाही पूर्ण कर दी जाएगी.
अनीता निगोतिया/आरती यादव
मो. 9329530693
विज्ञप्ति जारी दिनांक 02-03-2026
नामांकन विज्ञप्ति/आम सूचना
भवन स्वामी द्वारा जारी
एतद् द्वारा सर्वसाधारण को सूचित किया जाता है कि नगर निगम ग्वालियर के अंतर्गत वार्ड क्रमांक 46 स्थित भवन के नामांकन हेतु आवेदन प्रस्तुत किया गया है. पूर्व स्वामी के स्थान पर आवेदक का नाम दर्ज किया जाना है. यदि किसी व्यक्ति को इस संबंध में कोई आपत्ति हो तो सूचना प्रकाशन से 15 दिवस के भीतर संबंधित क्षेत्रीय कार्यालय में लिखित आपत्ति प्रस्तुत करें, अन्यथा नामांकन की कार्यवाही पूर्ण कर दी जाएगी. एतद् द्वारा सर्वसाधारण को सूचित किया जाता है कि नगर निगम ग्वालियर के अंतर्गत वार्ड क्रमांक 46 स्थित भवन के नामांकन हेतु आवेदन प्रस्तुत किया गया है. पूर्व स्वामी के स्थान पर आवेदक का नाम दर्ज किया जाना है. यदि किसी व्यक्ति को इस संबंध में कोई आपत्ति हो तो सूचना प्रकाशन से 15 दिवस के भीतर संबंधित क्षेत्रीय कार्यालय में लिखित आपत्ति प्रस्तुत करें, अन्यथा नामांकन की कार्यवाही पूर्ण कर दी जाएगी.
अनीता देवी
मो. 9926330693
विज्ञप्ति जारी दिनांक 02-03-2026
+	⊕	+
